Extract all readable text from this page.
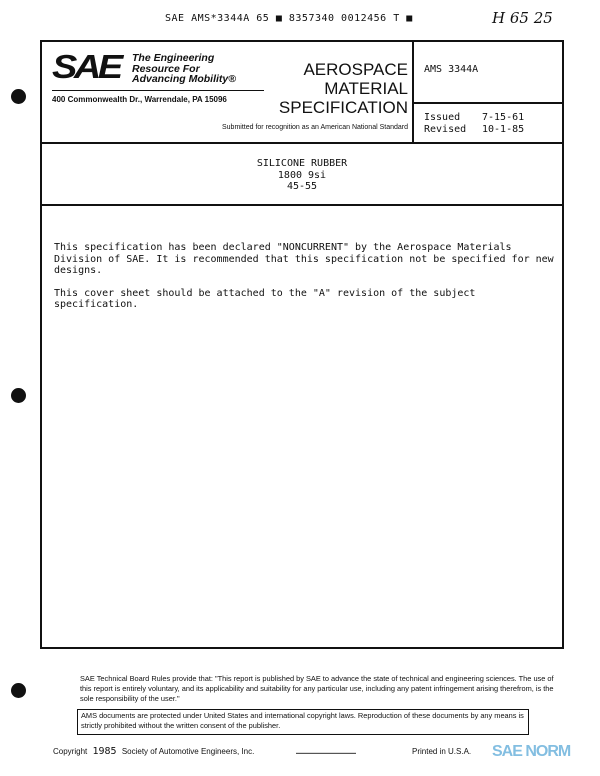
SAE AMS*3344A 65 ■ 8357340 0012456 T ■	H 65 25
SAE The Engineering
Resource For
Advancing Mobility®
400 Commonwealth Dr., Warrendale, PA 15096
AEROSPACE
MATERIAL
SPECIFICATION
Submitted for recognition as an American National Standard
AMS 3344A
Issued 7-15-61
Revised 10-1-85
SILICONE RUBBER
1800 9si
45-55

This specification has been declared "NONCURRENT" by the Aerospace Materials Division of SAE. It is recommended that this specification not be specified for new designs.

This cover sheet should be attached to the "A" revision of the subject specification.

SAE Technical Board Rules provide that: "This report is published by SAE to advance the state of technical and engineering sciences. The use of this report is entirely voluntary, and its applicability and suitability for any particular use, including any patent infringement arising therefrom, is the sole responsibility of the user."
AMS documents are protected under United States and international copyright laws. Reproduction of these documents by any means is strictly prohibited without the written consent of the publisher.
Copyright 1985 Society of Automotive Engineers, Inc.	▬▬▬▬▬▬▬▬▬▬▬▬▬▬▬	Printed in U.S.A. SAE NORM
